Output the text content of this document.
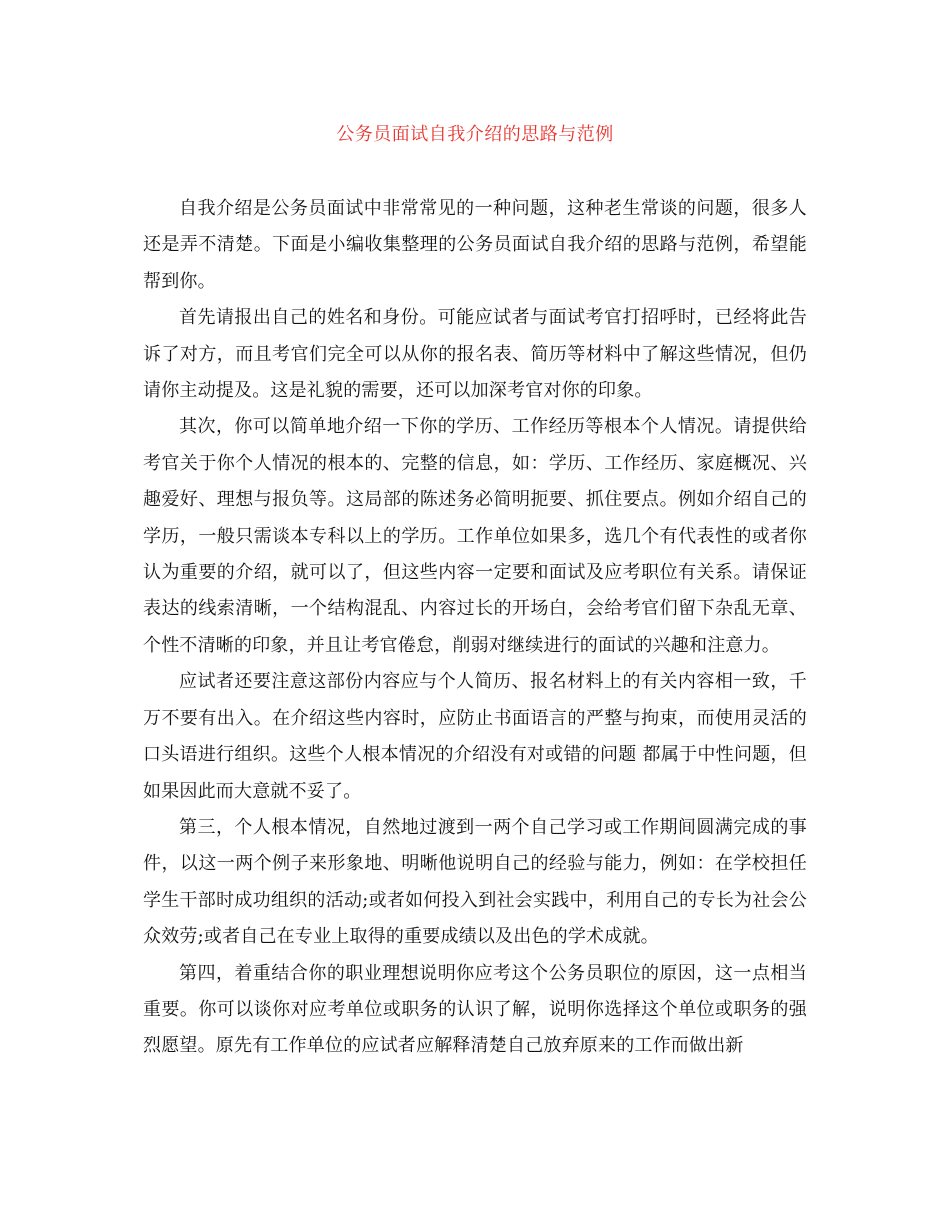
公务员面试自我介绍的思路与范例

自我介绍是公务员面试中非常常见的一种问题，这种老生常谈的问题，很多人还是弄不清楚。下面是小编收集整理的公务员面试自我介绍的思路与范例，希望能帮到你。

首先请报出自己的姓名和身份。可能应试者与面试考官打招呼时，已经将此告诉了对方，而且考官们完全可以从你的报名表、简历等材料中了解这些情况，但仍请你主动提及。这是礼貌的需要，还可以加深考官对你的印象。

其次，你可以简单地介绍一下你的学历、工作经历等根本个人情况。请提供给考官关于你个人情况的根本的、完整的信息，如：学历、工作经历、家庭概况、兴趣爱好、理想与报负等。这局部的陈述务必简明扼要、抓住要点。例如介绍自己的学历，一般只需谈本专科以上的学历。工作单位如果多，选几个有代表性的或者你认为重要的介绍，就可以了，但这些内容一定要和面试及应考职位有关系。请保证表达的线索清晰，一个结构混乱、内容过长的开场白，会给考官们留下杂乱无章、个性不清晰的印象，并且让考官倦怠，削弱对继续进行的面试的兴趣和注意力。

应试者还要注意这部份内容应与个人简历、报名材料上的有关内容相一致，千万不要有出入。在介绍这些内容时，应防止书面语言的严整与拘束，而使用灵活的口头语进行组织。这些个人根本情况的介绍没有对或错的问题 都属于中性问题，但如果因此而大意就不妥了。

第三，个人根本情况，自然地过渡到一两个自己学习或工作期间圆满完成的事件，以这一两个例子来形象地、明晰他说明自己的经验与能力，例如：在学校担任学生干部时成功组织的活动;或者如何投入到社会实践中，利用自己的专长为社会公众效劳;或者自己在专业上取得的重要成绩以及出色的学术成就。

第四，着重结合你的职业理想说明你应考这个公务员职位的原因，这一点相当重要。你可以谈你对应考单位或职务的认识了解，说明你选择这个单位或职务的强烈愿望。原先有工作单位的应试者应解释清楚自己放弃原来的工作而做出新
